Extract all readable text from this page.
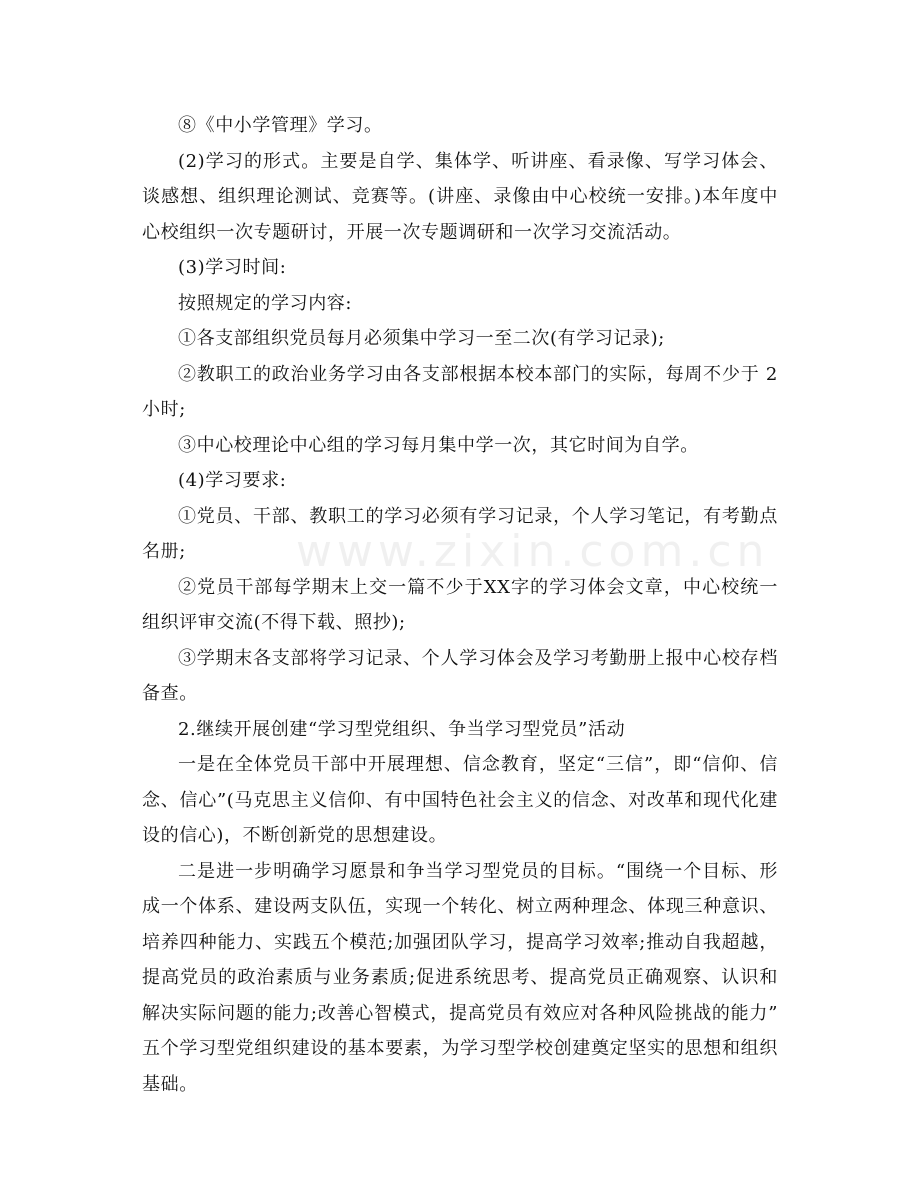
⑧《中小学管理》学习。

(2)学习的形式。主要是自学、集体学、听讲座、看录像、写学习体会、谈感想、组织理论测试、竞赛等。(讲座、录像由中心校统一安排。)本年度中心校组织一次专题研讨，开展一次专题调研和一次学习交流活动。

(3)学习时间:

按照规定的学习内容:

①各支部组织党员每月必须集中学习一至二次(有学习记录);

②教职工的政治业务学习由各支部根据本校本部门的实际，每周不少于 2 小时;

③中心校理论中心组的学习每月集中学一次，其它时间为自学。

(4)学习要求:

①党员、干部、教职工的学习必须有学习记录，个人学习笔记，有考勤点名册;

②党员干部每学期末上交一篇不少于XX字的学习体会文章，中心校统一组织评审交流(不得下载、照抄);

③学期末各支部将学习记录、个人学习体会及学习考勤册上报中心校存档备查。

2.继续开展创建“学习型党组织、争当学习型党员”活动

一是在全体党员干部中开展理想、信念教育，坚定“三信”，即“信仰、信念、信心”(马克思主义信仰、有中国特色社会主义的信念、对改革和现代化建设的信心)，不断创新党的思想建设。

二是进一步明确学习愿景和争当学习型党员的目标。“围绕一个目标、形成一个体系、建设两支队伍，实现一个转化、树立两种理念、体现三种意识、培养四种能力、实践五个模范;加强团队学习，提高学习效率;推动自我超越，提高党员的政治素质与业务素质;促进系统思考、提高党员正确观察、认识和解决实际问题的能力;改善心智模式，提高党员有效应对各种风险挑战的能力”五个学习型党组织建设的基本要素，为学习型学校创建奠定坚实的思想和组织基础。

www.zixin.com.cn
